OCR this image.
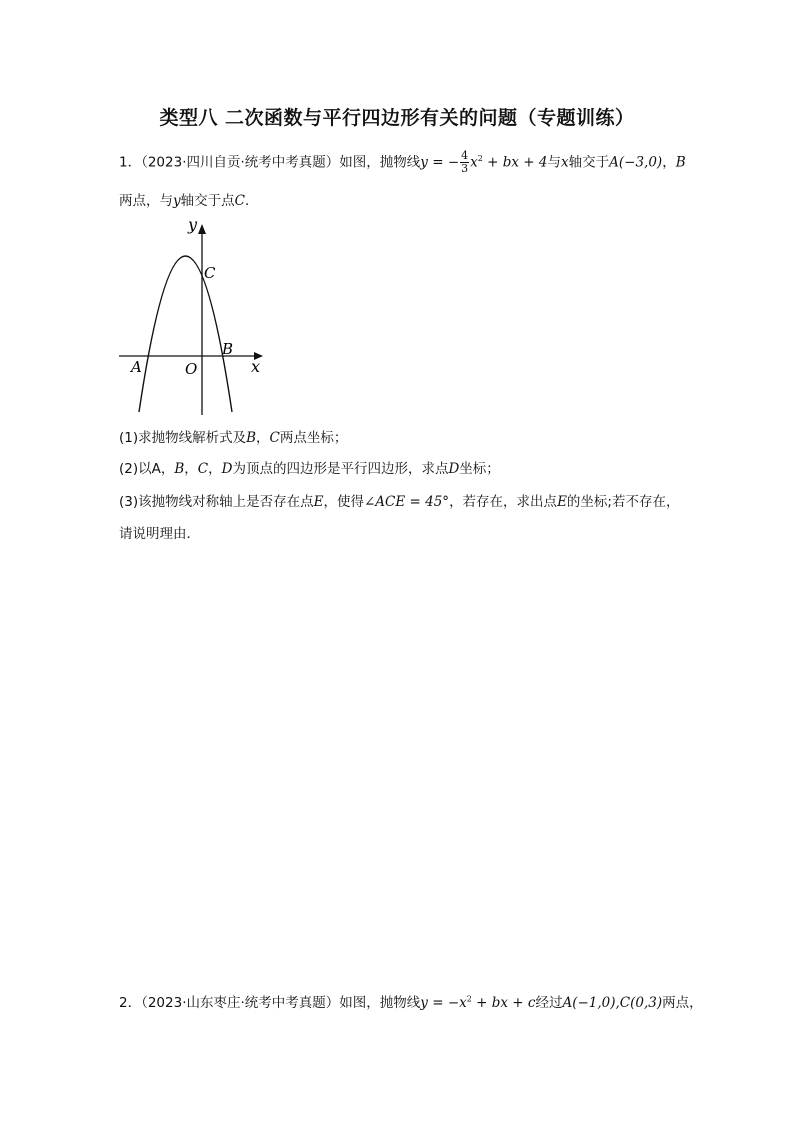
类型八 二次函数与平行四边形有关的问题（专题训练）
1．（2023·四川自贡·统考中考真题）如图，抛物线y = − $\frac{4}{3} x^2$ + bx + 4与x轴交于A(−3,0)，B
两点，与y轴交于点C．
y
x
C
B
A	O
(1)求抛物线解析式及B，C两点坐标；
(2)以A，B，C，D为顶点的四边形是平行四边形，求点D坐标；
(3)该抛物线对称轴上是否存在点E，使得∠ACE = 45°，若存在，求出点E的坐标;若不存在，
请说明理由．
2．（2023·山东枣庄·统考中考真题）如图，抛物线$y = -x^2$ + bx + c经过A(−1,0),C(0,3)两点，
